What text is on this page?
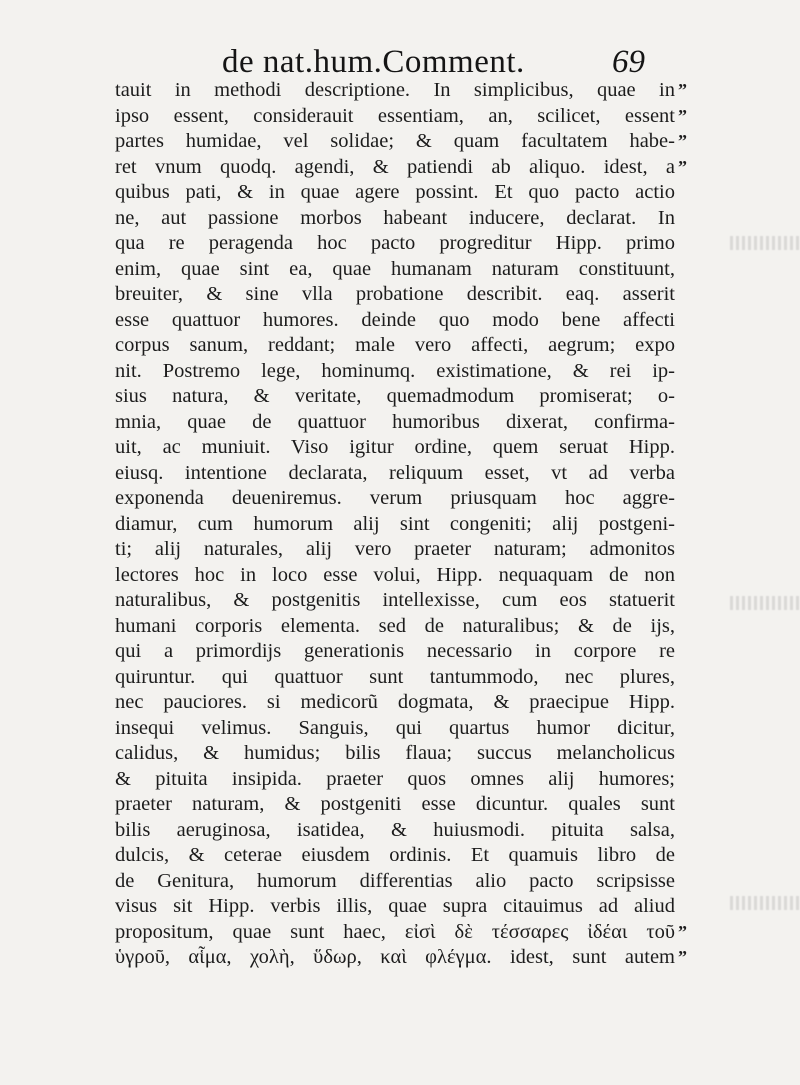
de nat.hum.Comment.	69
tauit in methodi descriptione. In simplicibus, quae in
ipso essent, considerauit essentiam, an, scilicet, essent
partes humidae, vel solidae; & quam facultatem habe-
ret vnum quodq. agendi, & patiendi ab aliquo. idest, a
quibus pati, & in quae agere possint. Et quo pacto actio
ne, aut passione morbos habeant inducere, declarat. In
qua re peragenda hoc pacto progreditur Hipp. primo
enim, quae sint ea, quae humanam naturam constituunt,
breuiter, & sine vlla probatione describit. eaq. asserit
esse quattuor humores. deinde quo modo bene affecti
corpus sanum, reddant; male vero affecti, aegrum; expo
nit. Postremo lege, hominumq. existimatione, & rei ip-
sius natura, & veritate, quemadmodum promiserat; o-
mnia, quae de quattuor humoribus dixerat, confirma-
uit, ac muniuit. Viso igitur ordine, quem seruat Hipp.
eiusq. intentione declarata, reliquum esset, vt ad verba
exponenda deueniremus. verum priusquam hoc aggre-
diamur, cum humorum alij sint congeniti; alij postgeni-
ti; alij naturales, alij vero praeter naturam; admonitos
lectores hoc in loco esse volui, Hipp. nequaquam de non
naturalibus, & postgenitis intellexisse, cum eos statuerit
humani corporis elementa. sed de naturalibus; & de ijs,
qui a primordijs generationis necessario in corpore re
quiruntur. qui quattuor sunt tantummodo, nec plures,
nec pauciores. si medicorũ dogmata, & praecipue Hipp.
insequi velimus. Sanguis, qui quartus humor dicitur,
calidus, & humidus; bilis flaua; succus melancholicus
& pituita insipida. praeter quos omnes alij humores;
praeter naturam, & postgeniti esse dicuntur. quales sunt
bilis aeruginosa, isatidea, & huiusmodi. pituita salsa,
dulcis, & ceterae eiusdem ordinis. Et quamuis libro de
de Genitura, humorum differentias alio pacto scripsisse
visus sit Hipp. verbis illis, quae supra citauimus ad aliud
propositum, quae sunt haec, εἰσὶ δὲ τέσσαρες ἰδέαι τοῦ
ὑγροῦ, αἷμα, χολὴ, ὕδωρ, καὶ φλέγμα. idest, sunt autem
”
”
”
”
”
”
